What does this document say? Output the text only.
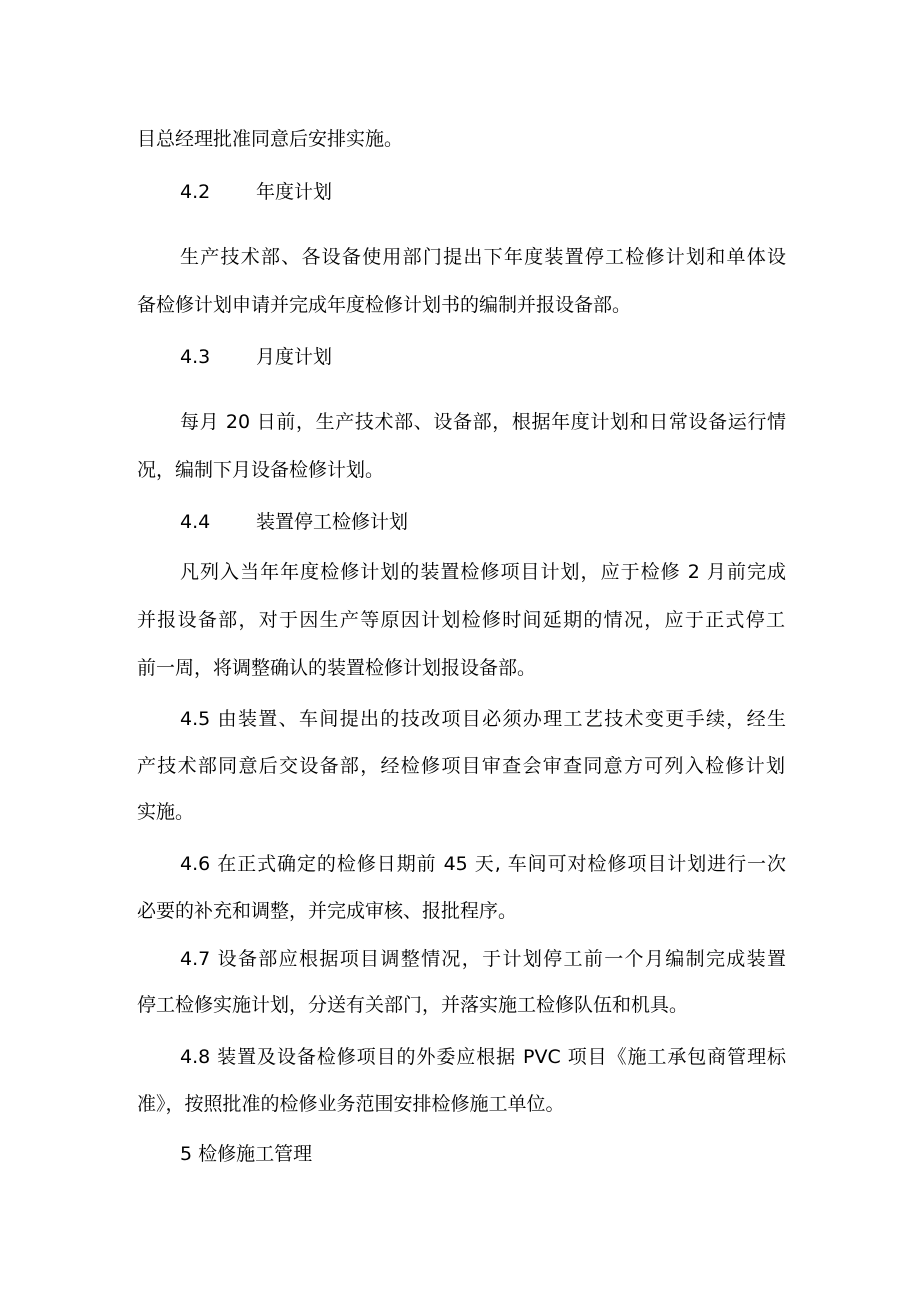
目总经理批准同意后安排实施。
4.2 年度计划
生产技术部、各设备使用部门提出下年度装置停工检修计划和单体设
备检修计划申请并完成年度检修计划书的编制并报设备部。
4.3 月度计划
每月 20 日前，生产技术部、设备部，根据年度计划和日常设备运行情
况，编制下月设备检修计划。
4.4 装置停工检修计划
凡列入当年年度检修计划的装置检修项目计划，应于检修 2 月前完成
并报设备部，对于因生产等原因计划检修时间延期的情况，应于正式停工
前一周，将调整确认的装置检修计划报设备部。
4.5 由装置、车间提出的技改项目必须办理工艺技术变更手续，经生
产技术部同意后交设备部，经检修项目审查会审查同意方可列入检修计划
实施。
4.6 在正式确定的检修日期前 45 天, 车间可对检修项目计划进行一次
必要的补充和调整，并完成审核、报批程序。
4.7 设备部应根据项目调整情况，于计划停工前一个月编制完成装置
停工检修实施计划，分送有关部门，并落实施工检修队伍和机具。
4.8 装置及设备检修项目的外委应根据 PVC 项目《施工承包商管理标
准》，按照批准的检修业务范围安排检修施工单位。
5 检修施工管理
